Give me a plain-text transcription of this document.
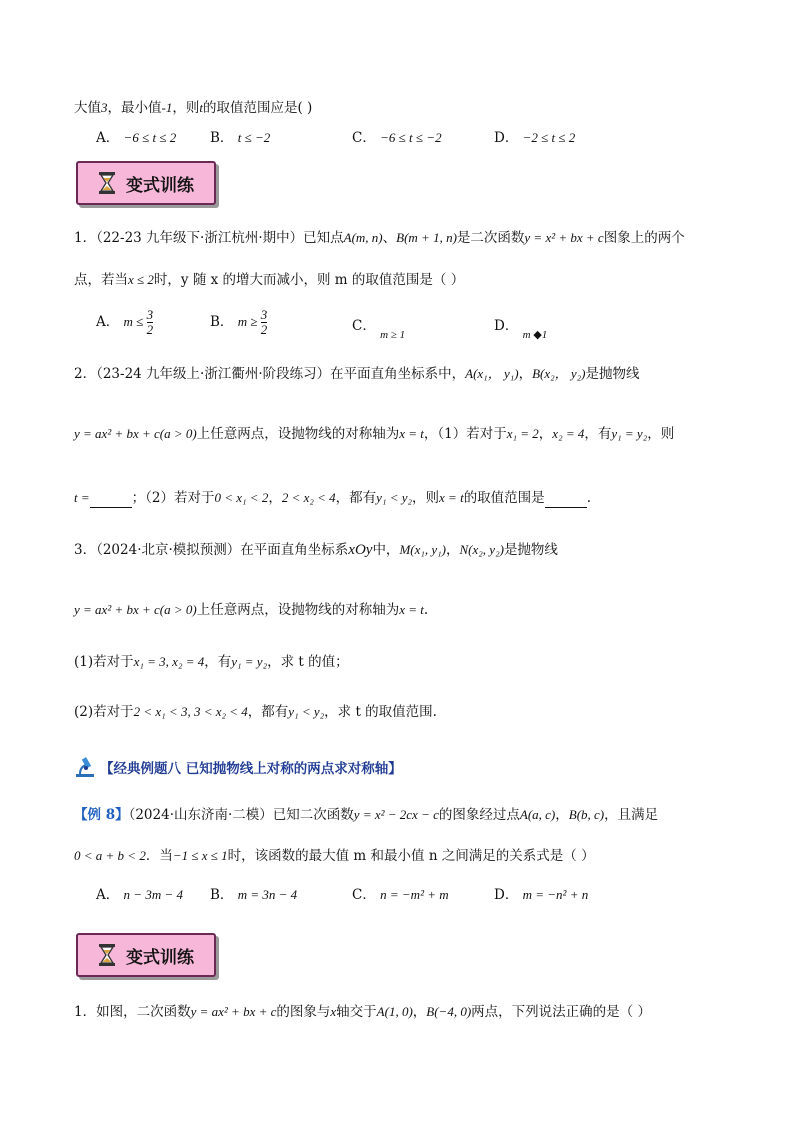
大值3，最小值-1，则t的取值范围应是( )
A． −6 ≤ t ≤ 2	B． t ≤ −2	C． −6 ≤ t ≤ −2	D． −2 ≤ t ≤ 2
变式训练
1．（22-23 九年级下·浙江杭州·期中）已知点A(m, n)、B(m + 1, n)是二次函数y = x² + bx + c图象上的两个
点，若当x ≤ 2时，y 随 x 的增大而减小，则 m 的取值范围是（ ）
A． $m \le \frac{3}{2}$	B． $m \ge \frac{3}{2}$	C． $_{m \ge 1}$
D． $_{m ◆1}$
2．（23-24 九年级上·浙江衢州·阶段练习）在平面直角坐标系中，A(x₁， y₁)，B(x₂， y₂)是抛物线
y = ax² + bx + c(a > 0)上任意两点，设抛物线的对称轴为x = t，（1）若对于x₁ = 2，x₂ = 4，有y₁ = y₂，则
t =	；（2）若对于0 < x₁ < 2，2 < x₂ < 4，都有y₁ < y₂，则x = t的取值范围是	.
3．（2024·北京·模拟预测）在平面直角坐标系xOy中，M(x₁, y₁)，N(x₂, y₂)是抛物线
y = ax² + bx + c(a > 0)上任意两点，设抛物线的对称轴为x = t.
(1)若对于x₁ = 3, x₂ = 4，有y₁ = y₂，求 t 的值；
(2)若对于2 < x₁ < 3, 3 < x₂ < 4，都有y₁ < y₂，求 t 的取值范围.
【经典例题八 已知抛物线上对称的两点求对称轴】
【例 8】（2024·山东济南·二模）已知二次函数y = x² − 2cx − c的图象经过点A(a, c)，B(b, c)，且满足
0 < a + b < 2．当−1 ≤ x ≤ 1时，该函数的最大值 m 和最小值 n 之间满足的关系式是（ ）
A． n − 3m − 4 B． m = 3n − 4	C． n = −m² + m	D． m = −n² + n
变式训练
1．如图，二次函数y = ax² + bx + c的图象与x轴交于A(1, 0)，B(−4, 0)两点，下列说法正确的是（ ）
